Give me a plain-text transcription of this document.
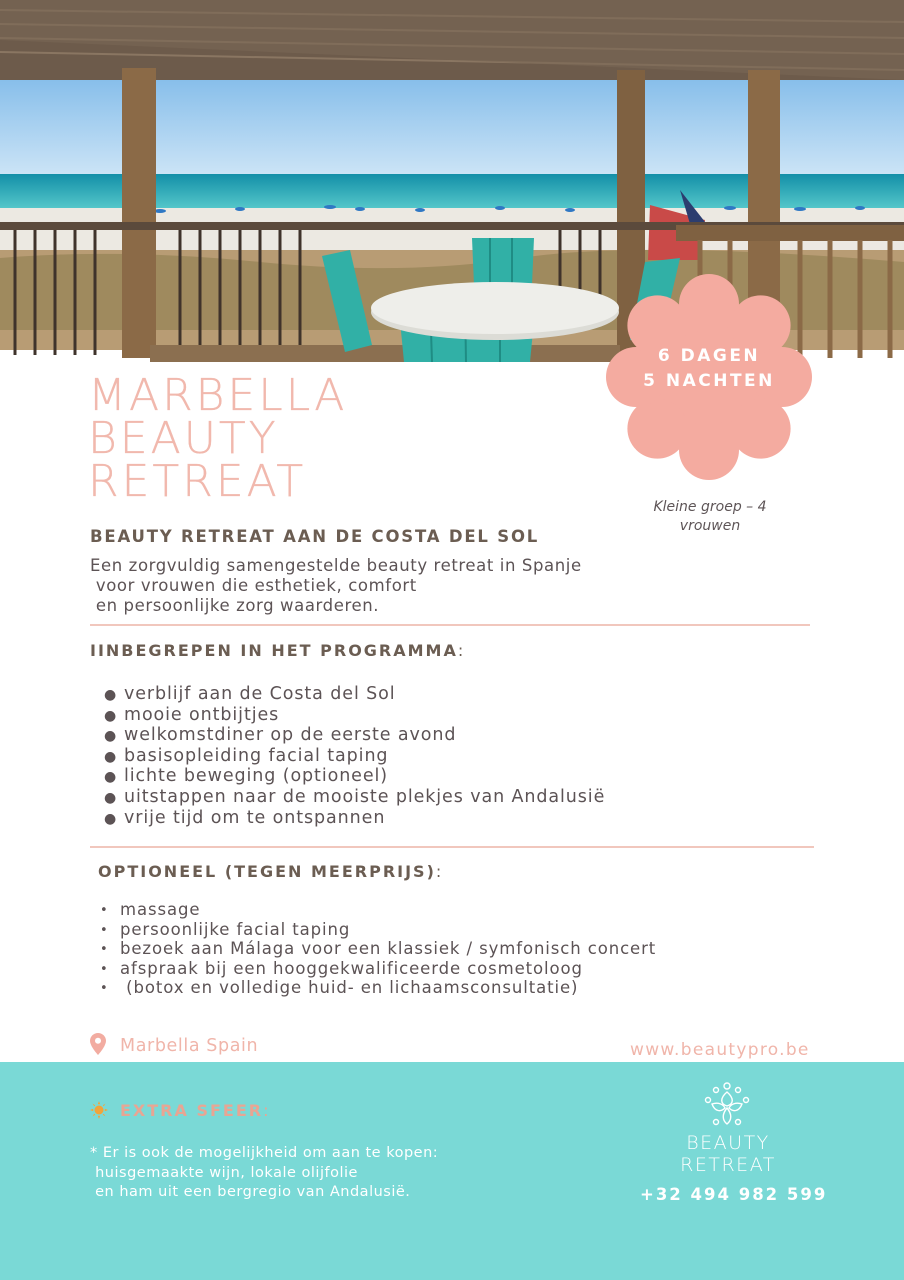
6 DAGEN
5 NACHTEN
MARBELLA
BEAUTY
RETREAT	Kleine groep – 4
vrouwen
BEAUTY RETREAT AAN DE COSTA DEL SOL
Een zorgvuldig samengestelde beauty retreat in Spanje
voor vrouwen die esthetiek, comfort
en persoonlijke zorg waarderen.
IINBEGREPEN IN HET PROGRAMMA:
● verblijf aan de Costa del Sol
● mooie ontbijtjes
● welkomstdiner op de eerste avond
● basisopleiding facial taping
● lichte beweging (optioneel)
● uitstappen naar de mooiste plekjes van Andalusië
● vrije tijd om te ontspannen
OPTIONEEL (TEGEN MEERPRIJS):
• massage
• persoonlijke facial taping
• bezoek aan Málaga voor een klassiek / symfonisch concert
• afspraak bij een hooggekwalificeerde cosmetoloog
• (botox en volledige huid- en lichaamsconsultatie)
Marbella Spain	www.beautypro.be
EXTRA SFEER:
* Er is ook de mogelijkheid om aan te kopen:
huisgemaakte wijn, lokale olijfolie
en ham uit een bergregio van Andalusië.
BEAUTY
RETREAT
+32 494 982 599
